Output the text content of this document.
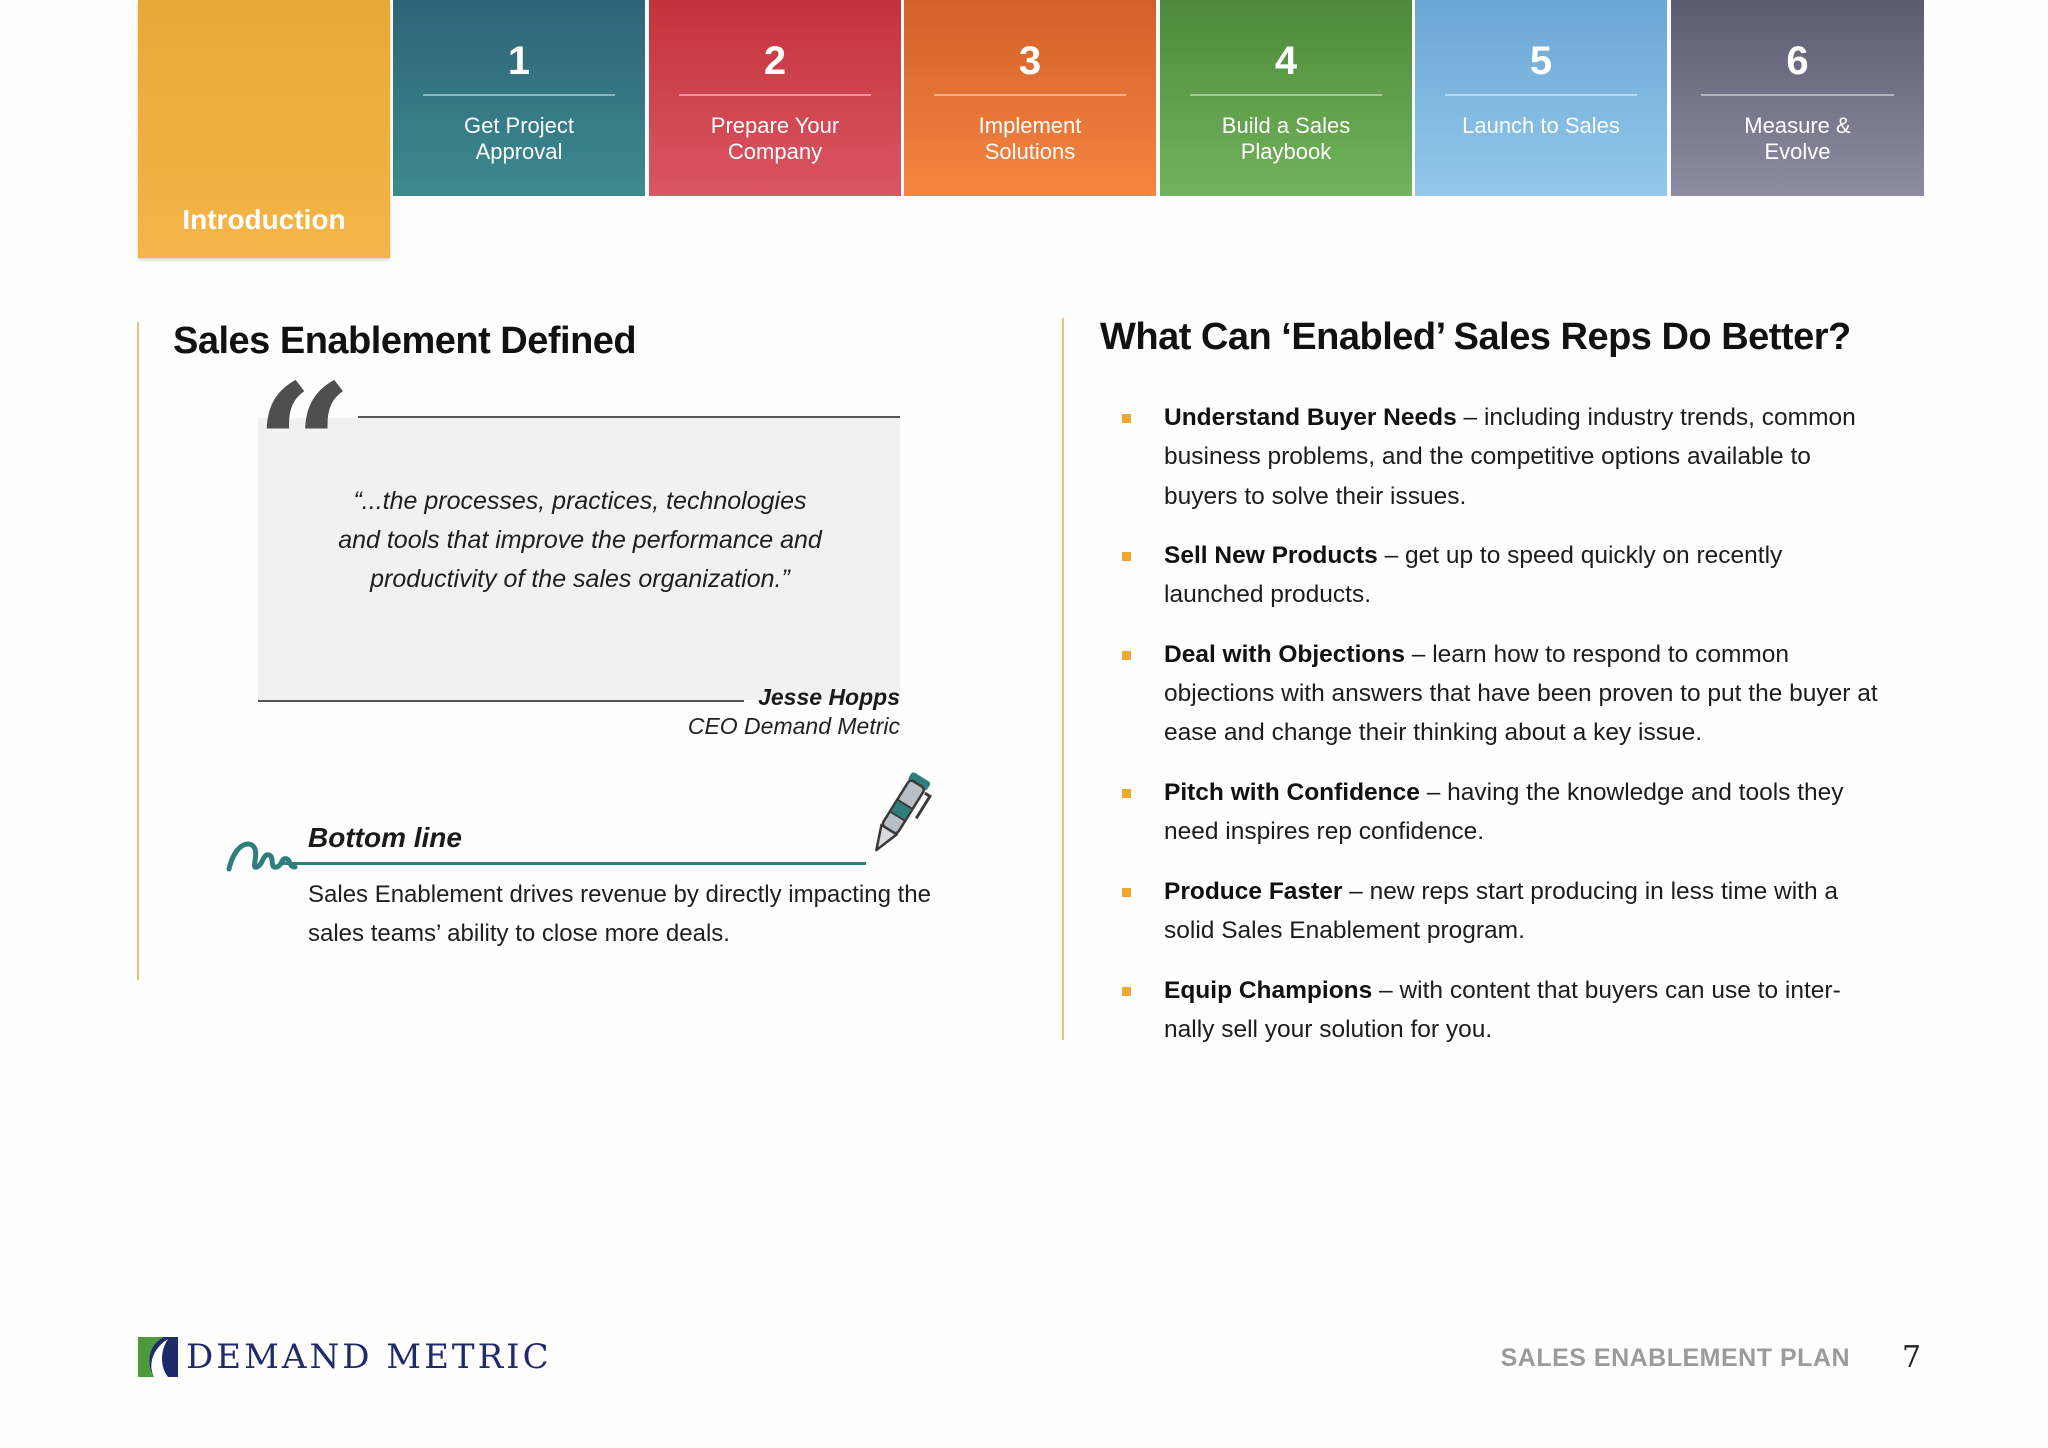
Introduction
1
Get Project
Approval
2
Prepare Your
Company
3
Implement
Solutions
4
Build a Sales
Playbook
5
Launch to Sales
6
Measure &
Evolve
Sales Enablement Defined
“ “...the processes, practices, technologies and tools that improve the performance and productivity of the sales organization.”
Jesse Hopps
CEO Demand Metric
Bottom line
Sales Enablement drives revenue by directly impacting the sales teams’ ability to close more deals.
What Can ‘Enabled’ Sales Reps Do Better?
Understand Buyer Needs – including industry trends, common business problems, and the competitive options available to buyers to solve their issues.
Sell New Products – get up to speed quickly on recently launched products.
Deal with Objections – learn how to respond to common objections with answers that have been proven to put the buyer at ease and change their thinking about a key issue.
Pitch with Confidence – having the knowledge and tools they need inspires rep confidence.
Produce Faster – new reps start producing in less time with a solid Sales Enablement program.
Equip Champions – with content that buyers can use to inter-nally sell your solution for you.
DEMAND METRIC	SALES ENABLEMENT PLAN 7
